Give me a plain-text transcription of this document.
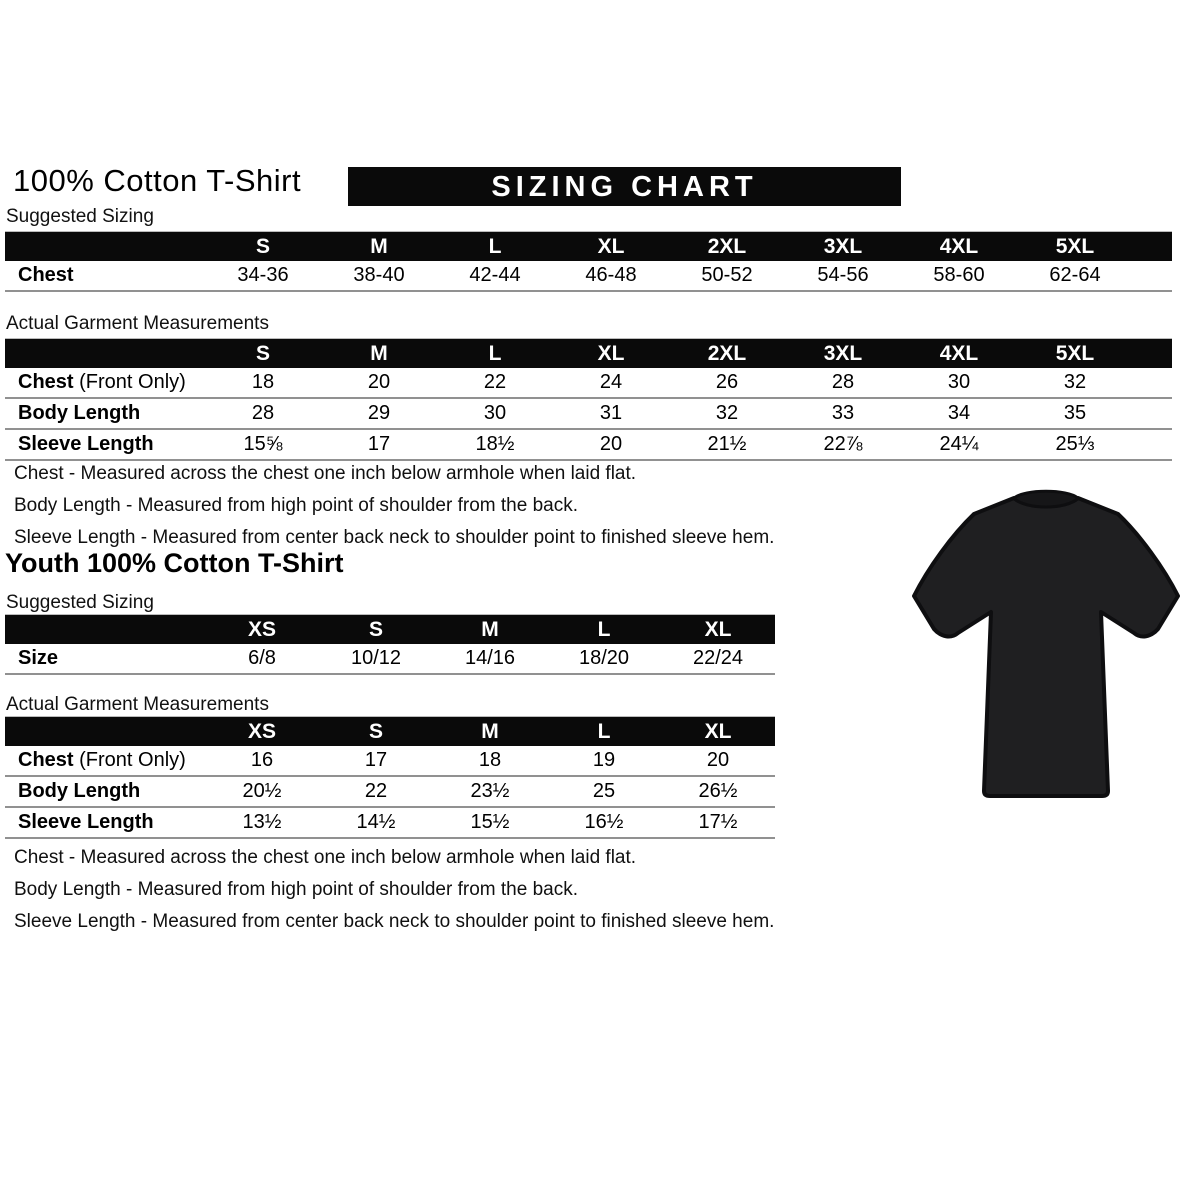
100% Cotton T-Shirt	SIZING CHART
Suggested Sizing
	S	M	L	XL	2XL	3XL	4XL	5XL	
Chest	34-36	38-40	42-44	46-48	50-52	54-56	58-60	62-64	
Actual Garment Measurements
	S	M	L	XL	2XL	3XL	4XL	5XL	
Chest (Front Only)	18	20	22	24	26	28	30	32	
Body Length	28	29	30	31	32	33	34	35	
Sleeve Length	15⅝	17	18½	20	21½	22⅞	24¼	25⅓	
Chest - Measured across the chest one inch below armhole when laid flat.
Body Length - Measured from high point of shoulder from the back.
Sleeve Length - Measured from center back neck to shoulder point to finished sleeve hem.
Youth 100% Cotton T-Shirt
Suggested Sizing
	XS	S	M	L	XL
Size	6/8	10/12	14/16	18/20	22/24
Actual Garment Measurements
	XS	S	M	L	XL
Chest (Front Only)	16	17	18	19	20
Body Length	20½	22	23½	25	26½
Sleeve Length	13½	14½	15½	16½	17½
Chest - Measured across the chest one inch below armhole when laid flat.
Body Length - Measured from high point of shoulder from the back.
Sleeve Length - Measured from center back neck to shoulder point to finished sleeve hem.
